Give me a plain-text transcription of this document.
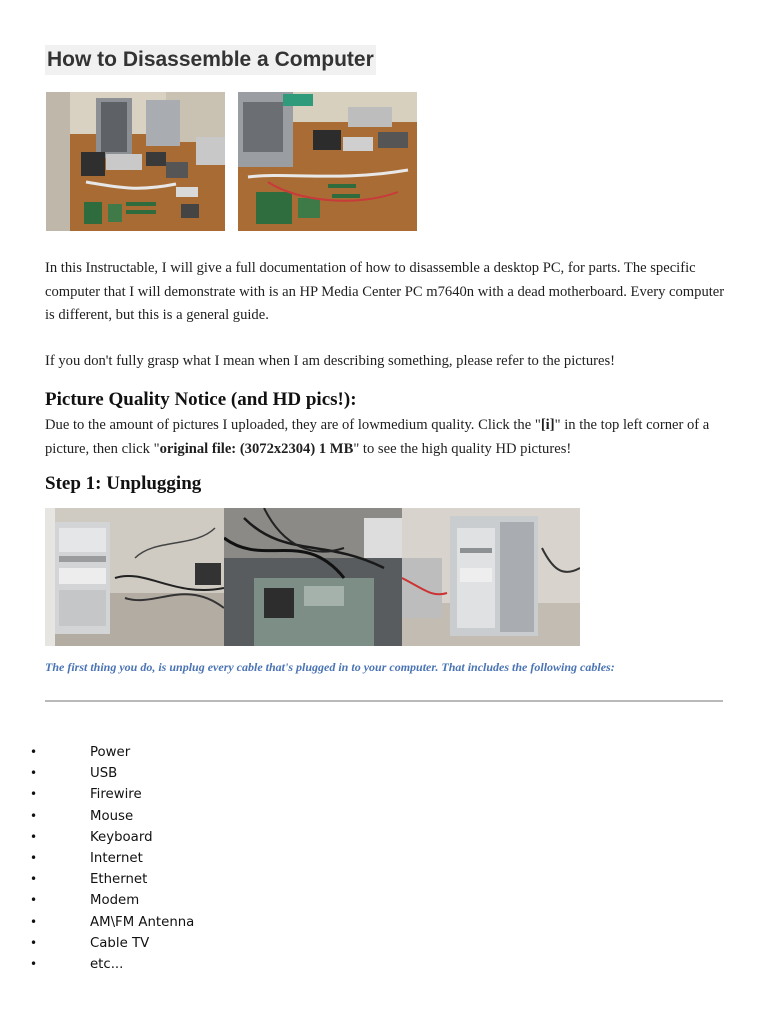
How to Disassemble a Computer

In this Instructable, I will give a full documentation of how to disassemble a desktop PC, for parts. The specific computer that I will demonstrate with is an HP Media Center PC m7640n with a dead motherboard. Every computer is different, but this is a general guide.

If you don't fully grasp what I mean when I am describing something, please refer to the pictures!

Picture Quality Notice (and HD pics!):

Due to the amount of pictures I uploaded, they are of lowmedium quality. Click the "[i]" in the top left corner of a picture, then click "original file: (3072x2304) 1 MB" to see the high quality HD pictures!

Step 1: Unplugging

The first thing you do, is unplug every cable that's plugged in to your computer. That includes the following cables:

•	Power
•	USB
•	Firewire
•	Mouse
•	Keyboard
•	Internet
•	Ethernet
•	Modem
•	AM\FM Antenna
•	Cable TV
•	etc...
